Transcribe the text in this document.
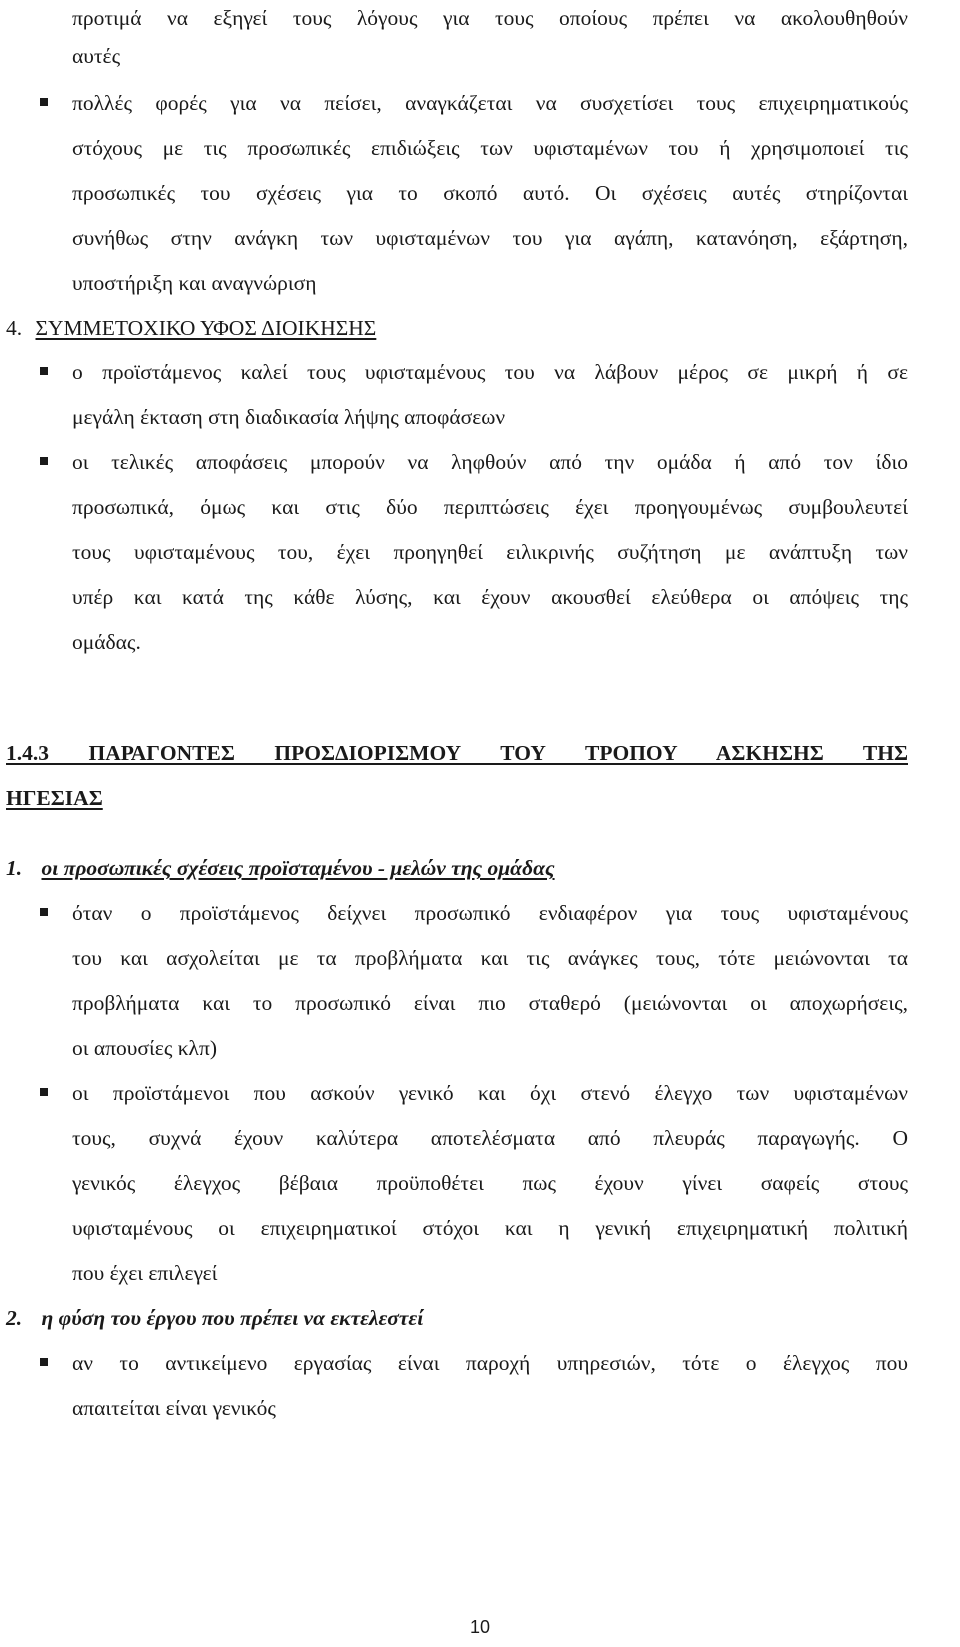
προτιμά να εξηγεί τους λόγους για τους οποίους πρέπει να ακολουθηθούν
αυτές
πολλές φορές για να πείσει, αναγκάζεται να συσχετίσει τους επιχειρηματικούς
στόχους με τις προσωπικές επιδιώξεις των υφισταμένων του ή χρησιμοποιεί τις
προσωπικές του σχέσεις για το σκοπό αυτό. Οι σχέσεις αυτές στηρίζονται
συνήθως στην ανάγκη των υφισταμένων του για αγάπη, κατανόηση, εξάρτηση,
υποστήριξη και αναγνώριση
4. ΣΥΜΜΕΤΟΧΙΚΟ ΥΦΟΣ ΔΙΟΙΚΗΣΗΣ
ο προϊστάμενος καλεί τους υφισταμένους του να λάβουν μέρος σε μικρή ή σε
μεγάλη έκταση στη διαδικασία λήψης αποφάσεων
οι τελικές αποφάσεις μπορούν να ληφθούν από την ομάδα ή από τον ίδιο
προσωπικά, όμως και στις δύο περιπτώσεις έχει προηγουμένως συμβουλευτεί
τους υφισταμένους του, έχει προηγηθεί ειλικρινής συζήτηση με ανάπτυξη των
υπέρ και κατά της κάθε λύσης, και έχουν ακουσθεί ελεύθερα οι απόψεις της
ομάδας.
1.4.3 ΠΑΡΑΓΟΝΤΕΣ ΠΡΟΣΔΙΟΡΙΣΜΟΥ ΤΟΥ ΤΡΟΠΟΥ ΑΣΚΗΣΗΣ ΤΗΣ
ΗΓΕΣΙΑΣ
1. οι προσωπικές σχέσεις προϊσταμένου - μελών της ομάδας
όταν ο προϊστάμενος δείχνει προσωπικό ενδιαφέρον για τους υφισταμένους
του και ασχολείται με τα προβλήματα και τις ανάγκες τους, τότε μειώνονται τα
προβλήματα και το προσωπικό είναι πιο σταθερό (μειώνονται οι αποχωρήσεις,
οι απουσίες κλπ)
οι προϊστάμενοι που ασκούν γενικό και όχι στενό έλεγχο των υφισταμένων
τους, συχνά έχουν καλύτερα αποτελέσματα από πλευράς παραγωγής. Ο
γενικός έλεγχος βέβαια προϋποθέτει πως έχουν γίνει σαφείς στους
υφισταμένους οι επιχειρηματικοί στόχοι και η γενική επιχειρηματική πολιτική
που έχει επιλεγεί
2. η φύση του έργου που πρέπει να εκτελεστεί
αν το αντικείμενο εργασίας είναι παροχή υπηρεσιών, τότε ο έλεγχος που
απαιτείται είναι γενικός
10
